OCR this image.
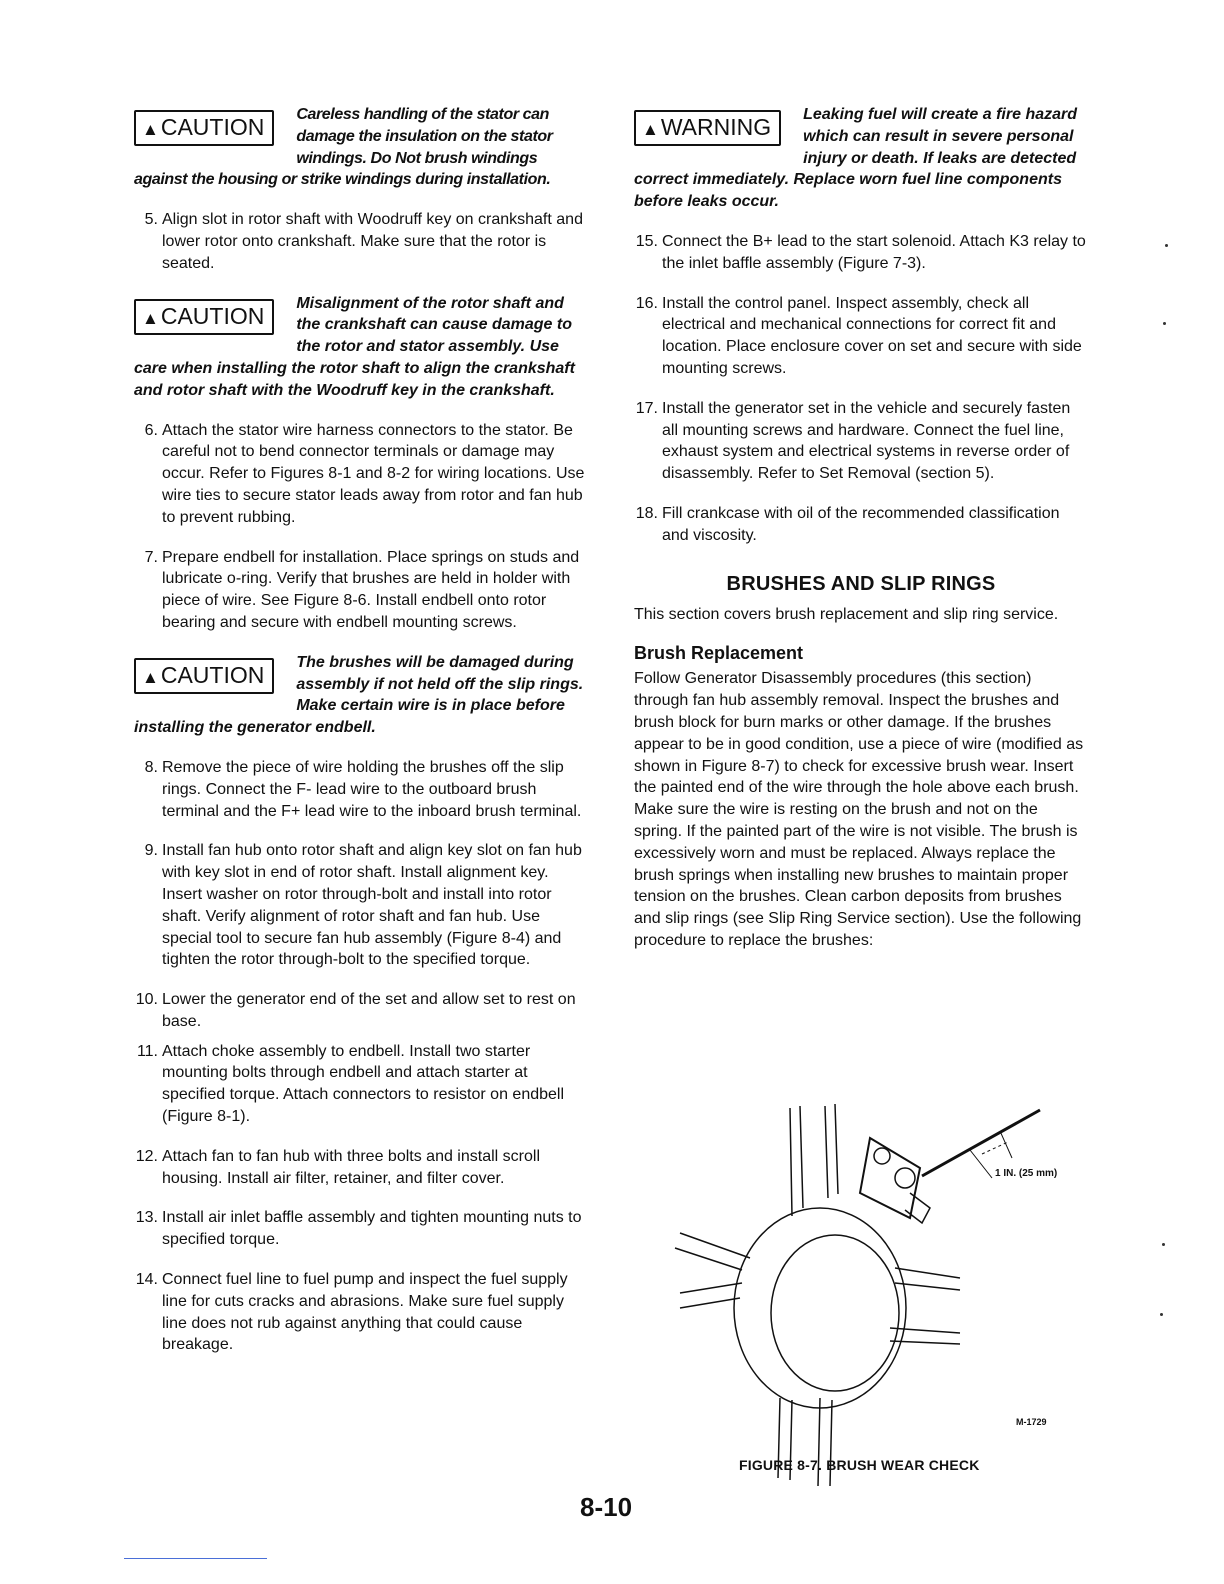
▲CAUTION	Careless handling of the stator can damage the insulation on the stator windings. Do Not brush windings against the housing or strike windings during installation.
5. Align slot in rotor shaft with Woodruff key on crankshaft and lower rotor onto crankshaft. Make sure that the rotor is seated.
▲CAUTION	Misalignment of the rotor shaft and the crankshaft can cause damage to the rotor and stator assembly. Use care when installing the rotor shaft to align the crankshaft and rotor shaft with the Woodruff key in the crankshaft.
6. Attach the stator wire harness connectors to the stator. Be careful not to bend connector terminals or damage may occur. Refer to Figures 8-1 and 8-2 for wiring locations. Use wire ties to secure stator leads away from rotor and fan hub to prevent rubbing.
7. Prepare endbell for installation. Place springs on studs and lubricate o-ring. Verify that brushes are held in holder with piece of wire. See Figure 8-6. Install endbell onto rotor bearing and secure with endbell mounting screws.
▲CAUTION	The brushes will be damaged during assembly if not held off the slip rings. Make certain wire is in place before installing the generator endbell.
8. Remove the piece of wire holding the brushes off the slip rings. Connect the F- lead wire to the outboard brush terminal and the F+ lead wire to the inboard brush terminal.
9. Install fan hub onto rotor shaft and align key slot on fan hub with key slot in end of rotor shaft. Install alignment key. Insert washer on rotor through-bolt and install into rotor shaft. Verify alignment of rotor shaft and fan hub. Use special tool to secure fan hub assembly (Figure 8-4) and tighten the rotor through-bolt to the specified torque.
10. Lower the generator end of the set and allow set to rest on base.
11. Attach choke assembly to endbell. Install two starter mounting bolts through endbell and attach starter at specified torque. Attach connectors to resistor on endbell (Figure 8-1).
12. Attach fan to fan hub with three bolts and install scroll housing. Install air filter, retainer, and filter cover.
13. Install air inlet baffle assembly and tighten mounting nuts to specified torque.
14. Connect fuel line to fuel pump and inspect the fuel supply line for cuts cracks and abrasions. Make sure fuel supply line does not rub against anything that could cause breakage.
▲WARNING	Leaking fuel will create a fire hazard which can result in severe personal injury or death. If leaks are detected correct immediately. Replace worn fuel line components before leaks occur.
15. Connect the B+ lead to the start solenoid. Attach K3 relay to the inlet baffle assembly (Figure 7-3).
16. Install the control panel. Inspect assembly, check all electrical and mechanical connections for correct fit and location. Place enclosure cover on set and secure with side mounting screws.
17. Install the generator set in the vehicle and securely fasten all mounting screws and hardware. Connect the fuel line, exhaust system and electrical systems in reverse order of disassembly. Refer to Set Removal (section 5).
18. Fill crankcase with oil of the recommended classification and viscosity.
BRUSHES AND SLIP RINGS

This section covers brush replacement and slip ring service.

Brush Replacement

Follow Generator Disassembly procedures (this section) through fan hub assembly removal. Inspect the brushes and brush block for burn marks or other damage. If the brushes appear to be in good condition, use a piece of wire (modified as shown in Figure 8-7) to check for excessive brush wear. Insert the painted end of the wire through the hole above each brush. Make sure the wire is resting on the brush and not on the spring. If the painted part of the wire is not visible. The brush is excessively worn and must be replaced. Always replace the brush springs when installing new brushes to maintain proper tension on the brushes. Clean carbon deposits from brushes and slip rings (see Slip Ring Service section). Use the following procedure to replace the brushes:

1 IN. (25 mm)
M-1729
FIGURE 8-7. BRUSH WEAR CHECK
8-10
